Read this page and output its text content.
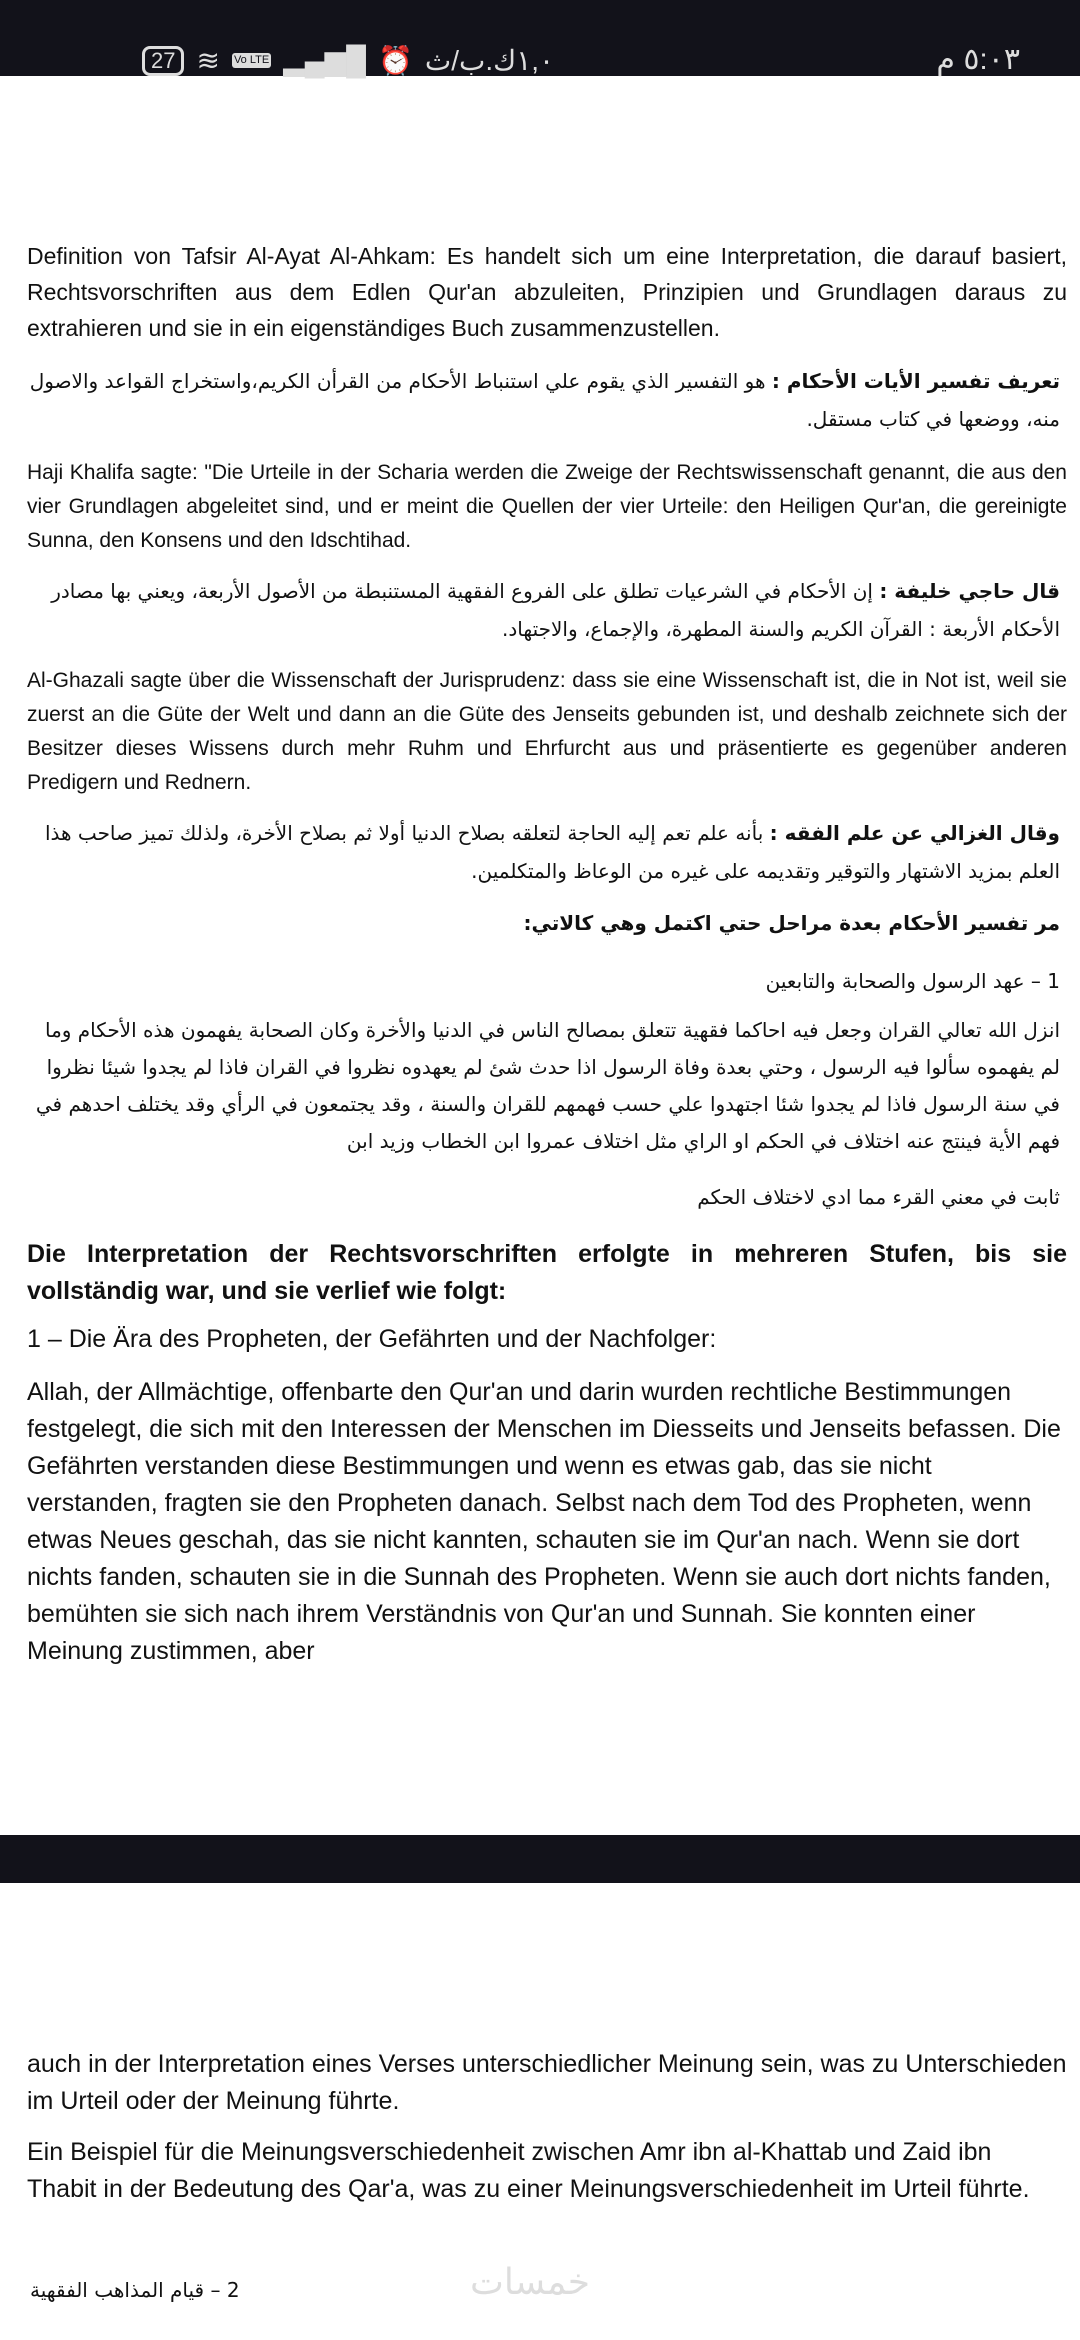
27 ≋ Vo LTE ▂▄▆█ ⏰ ١,٠ك.ب/ث	٥:٠٣ م
Definition von Tafsir Al-Ayat Al-Ahkam: Es handelt sich um eine Interpretation, die darauf basiert, Rechtsvorschriften aus dem Edlen Qur'an abzuleiten, Prinzipien und Grundlagen daraus zu extrahieren und sie in ein eigenständiges Buch zusammenzustellen.
تعريف تفسير الأيات الأحكام : هو التفسير الذي يقوم علي استنباط الأحكام من القرأن الكريم،واستخراج القواعد والاصول منه، ووضعها في كتاب مستقل.
Haji Khalifa sagte: "Die Urteile in der Scharia werden die Zweige der Rechtswissenschaft genannt, die aus den vier Grundlagen abgeleitet sind, und er meint die Quellen der vier Urteile: den Heiligen Qur'an, die gereinigte Sunna, den Konsens und den Idschtihad.
قال حاجي خليفة : إن الأحكام في الشرعيات تطلق على الفروع الفقهية المستنبطة من الأصول الأربعة، ويعني بها مصادر الأحكام الأربعة : القرآن الكريم والسنة المطهرة، والإجماع، والاجتهاد.
Al-Ghazali sagte über die Wissenschaft der Jurisprudenz: dass sie eine Wissenschaft ist, die in Not ist, weil sie zuerst an die Güte der Welt und dann an die Güte des Jenseits gebunden ist, und deshalb zeichnete sich der Besitzer dieses Wissens durch mehr Ruhm und Ehrfurcht aus und präsentierte es gegenüber anderen Predigern und Rednern.
وقال الغزالي عن علم الفقه : بأنه علم تعم إليه الحاجة لتعلقه بصلاح الدنيا أولا ثم بصلاح الأخرة، ولذلك تميز صاحب هذا العلم بمزيد الاشتهار والتوقير وتقديمه على غيره من الوعاظ والمتكلمين.
مر تفسير الأحكام بعدة مراحل حتي اكتمل وهي كالاتي:
1 – عهد الرسول والصحابة والتابعين
انزل الله تعالي القران وجعل فيه احاكما فقهية تتعلق بمصالح الناس في الدنيا والأخرة وكان الصحابة يفهمون هذه الأحكام وما لم يفهموه سألوا فيه الرسول ، وحتي بعدة وفاة الرسول اذا حدث شئ لم يعهدوه نظروا في القران فاذا لم يجدوا شيئا نظروا في سنة الرسول فاذا لم يجدوا شئا اجتهدوا علي حسب فهمهم للقران والسنة ، وقد يجتمعون في الرأي وقد يختلف احدهم في فهم الأية فينتج عنه اختلاف في الحكم او الراي مثل اختلاف عمروا ابن الخطاب وزيد ابن
ثابت في معني القرء مما ادي لاختلاف الحكم
Die Interpretation der Rechtsvorschriften erfolgte in mehreren Stufen, bis sie vollständig war, und sie verlief wie folgt:
1 – Die Ära des Propheten, der Gefährten und der Nachfolger:
Allah, der Allmächtige, offenbarte den Qur'an und darin wurden rechtliche Bestimmungen festgelegt, die sich mit den Interessen der Menschen im Diesseits und Jenseits befassen. Die Gefährten verstanden diese Bestimmungen und wenn es etwas gab, das sie nicht verstanden, fragten sie den Propheten danach. Selbst nach dem Tod des Propheten, wenn etwas Neues geschah, das sie nicht kannten, schauten sie im Qur'an nach. Wenn sie dort nichts fanden, schauten sie in die Sunnah des Propheten. Wenn sie auch dort nichts fanden, bemühten sie sich nach ihrem Verständnis von Qur'an und Sunnah. Sie konnten einer Meinung zustimmen, aber
auch in der Interpretation eines Verses unterschiedlicher Meinung sein, was zu Unterschieden im Urteil oder der Meinung führte.
Ein Beispiel für die Meinungsverschiedenheit zwischen Amr ibn al-Khattab und Zaid ibn Thabit in der Bedeutung des Qar'a, was zu einer Meinungsverschiedenheit im Urteil führte.
خمسات
2 – قيام المذاهب الفقهية
